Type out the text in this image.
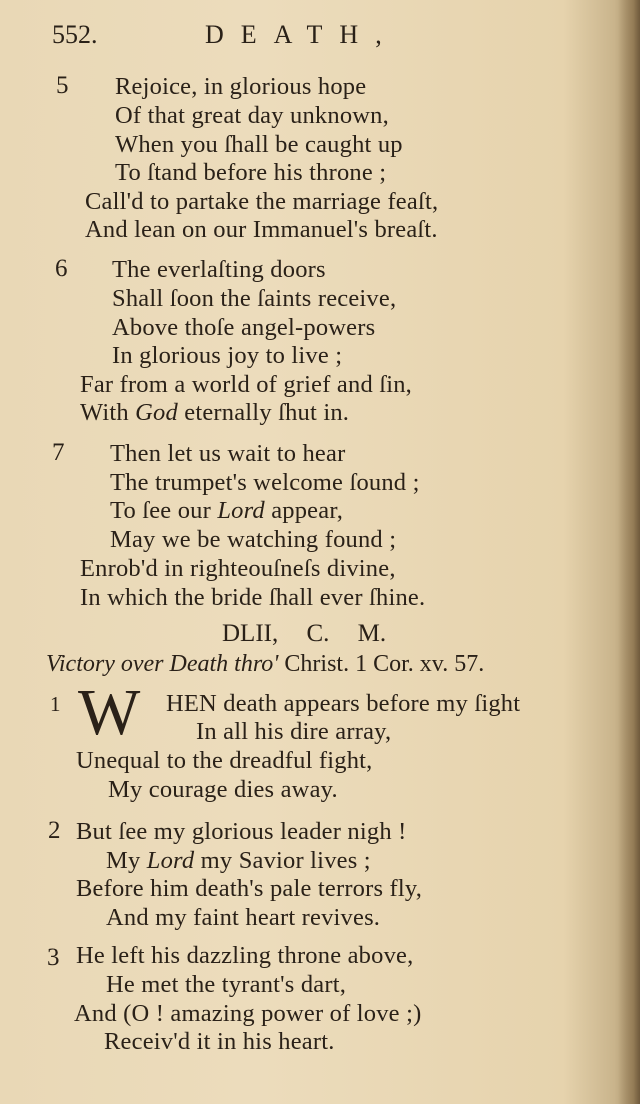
552.	DEATH,
5 Rejoice, in glorious hope
Of that great day unknown,
When you ſhall be caught up
To ſtand before his throne ;
Call'd to partake the marriage feaſt,
And lean on our Immanuel's breaſt.
6 The everlaſting doors
Shall ſoon the ſaints receive,
Above thoſe angel-powers
In glorious joy to live ;
Far from a world of grief and ſin,
With God eternally ſhut in.
7 Then let us wait to hear
The trumpet's welcome ſound ;
To ſee our Lord appear,
May we be watching found ;
Enrob'd in righteouſneſs divine,
In which the bride ſhall ever ſhine.
DLII, C. M.
Victory over Death thro' Christ. 1 Cor. xv. 57.
1 W HEN death appears before my ſight
In all his dire array,
Unequal to the dreadful fight,
My courage dies away.
2 But ſee my glorious leader nigh !
My Lord my Savior lives ;
Before him death's pale terrors fly,
And my faint heart revives.
3 He left his dazzling throne above,
He met the tyrant's dart,
And (O ! amazing power of love ;)
Receiv'd it in his heart.
